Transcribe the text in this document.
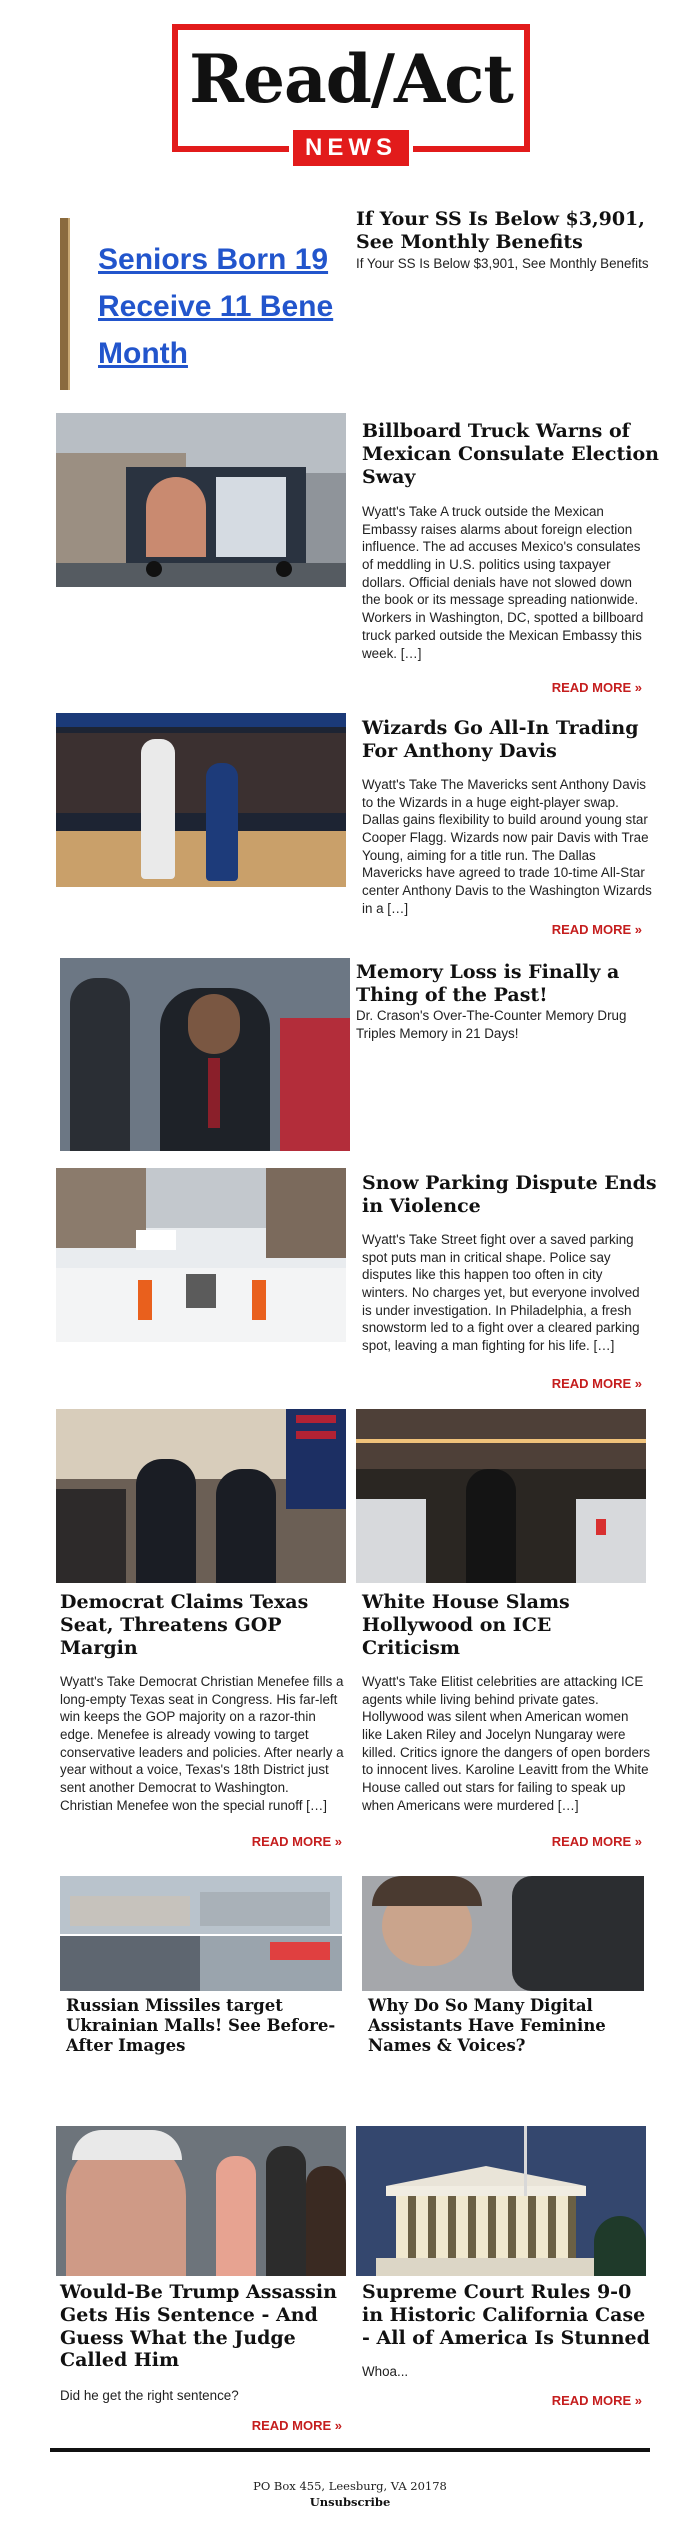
Read/Act
NEWS
Seniors Born 19
Receive 11 Bene
Month
If Your SS Is Below $3,901, See Monthly Benefits
If Your SS Is Below $3,901, See Monthly Benefits
Billboard Truck Warns of Mexican Consulate Election Sway
Wyatt's Take A truck outside the Mexican Embassy raises alarms about foreign election influence. The ad accuses Mexico's consulates of meddling in U.S. politics using taxpayer dollars. Official denials have not slowed down the book or its message spreading nationwide. Workers in Washington, DC, spotted a billboard truck parked outside the Mexican Embassy this week. […]
READ MORE »
Wizards Go All-In Trading For Anthony Davis
Wyatt's Take The Mavericks sent Anthony Davis to the Wizards in a huge eight-player swap. Dallas gains flexibility to build around young star Cooper Flagg. Wizards now pair Davis with Trae Young, aiming for a title run. The Dallas Mavericks have agreed to trade 10-time All-Star center Anthony Davis to the Washington Wizards in a […]
READ MORE »
Memory Loss is Finally a Thing of the Past!
Dr. Crason's Over-The-Counter Memory Drug Triples Memory in 21 Days!
Snow Parking Dispute Ends in Violence
Wyatt's Take Street fight over a saved parking spot puts man in critical shape. Police say disputes like this happen too often in city winters. No charges yet, but everyone involved is under investigation. In Philadelphia, a fresh snowstorm led to a fight over a cleared parking spot, leaving a man fighting for his life. […]
READ MORE »
Democrat Claims Texas Seat, Threatens GOP Margin
Wyatt's Take Democrat Christian Menefee fills a long-empty Texas seat in Congress. His far-left win keeps the GOP majority on a razor-thin edge. Menefee is already vowing to target conservative leaders and policies. After nearly a year without a voice, Texas's 18th District just sent another Democrat to Washington. Christian Menefee won the special runoff […]
READ MORE »
White House Slams Hollywood on ICE Criticism
Wyatt's Take Elitist celebrities are attacking ICE agents while living behind private gates. Hollywood was silent when American women like Laken Riley and Jocelyn Nungaray were killed. Critics ignore the dangers of open borders to innocent lives. Karoline Leavitt from the White House called out stars for failing to speak up when Americans were murdered […]
READ MORE »
Russian Missiles target Ukrainian Malls! See Before-After Images
Why Do So Many Digital Assistants Have Feminine Names & Voices?
Would-Be Trump Assassin Gets His Sentence - And Guess What the Judge Called Him
Did he get the right sentence?
READ MORE »
Supreme Court Rules 9-0 in Historic California Case - All of America Is Stunned
Whoa...
READ MORE »
PO Box 455, Leesburg, VA 20178
Unsubscribe
